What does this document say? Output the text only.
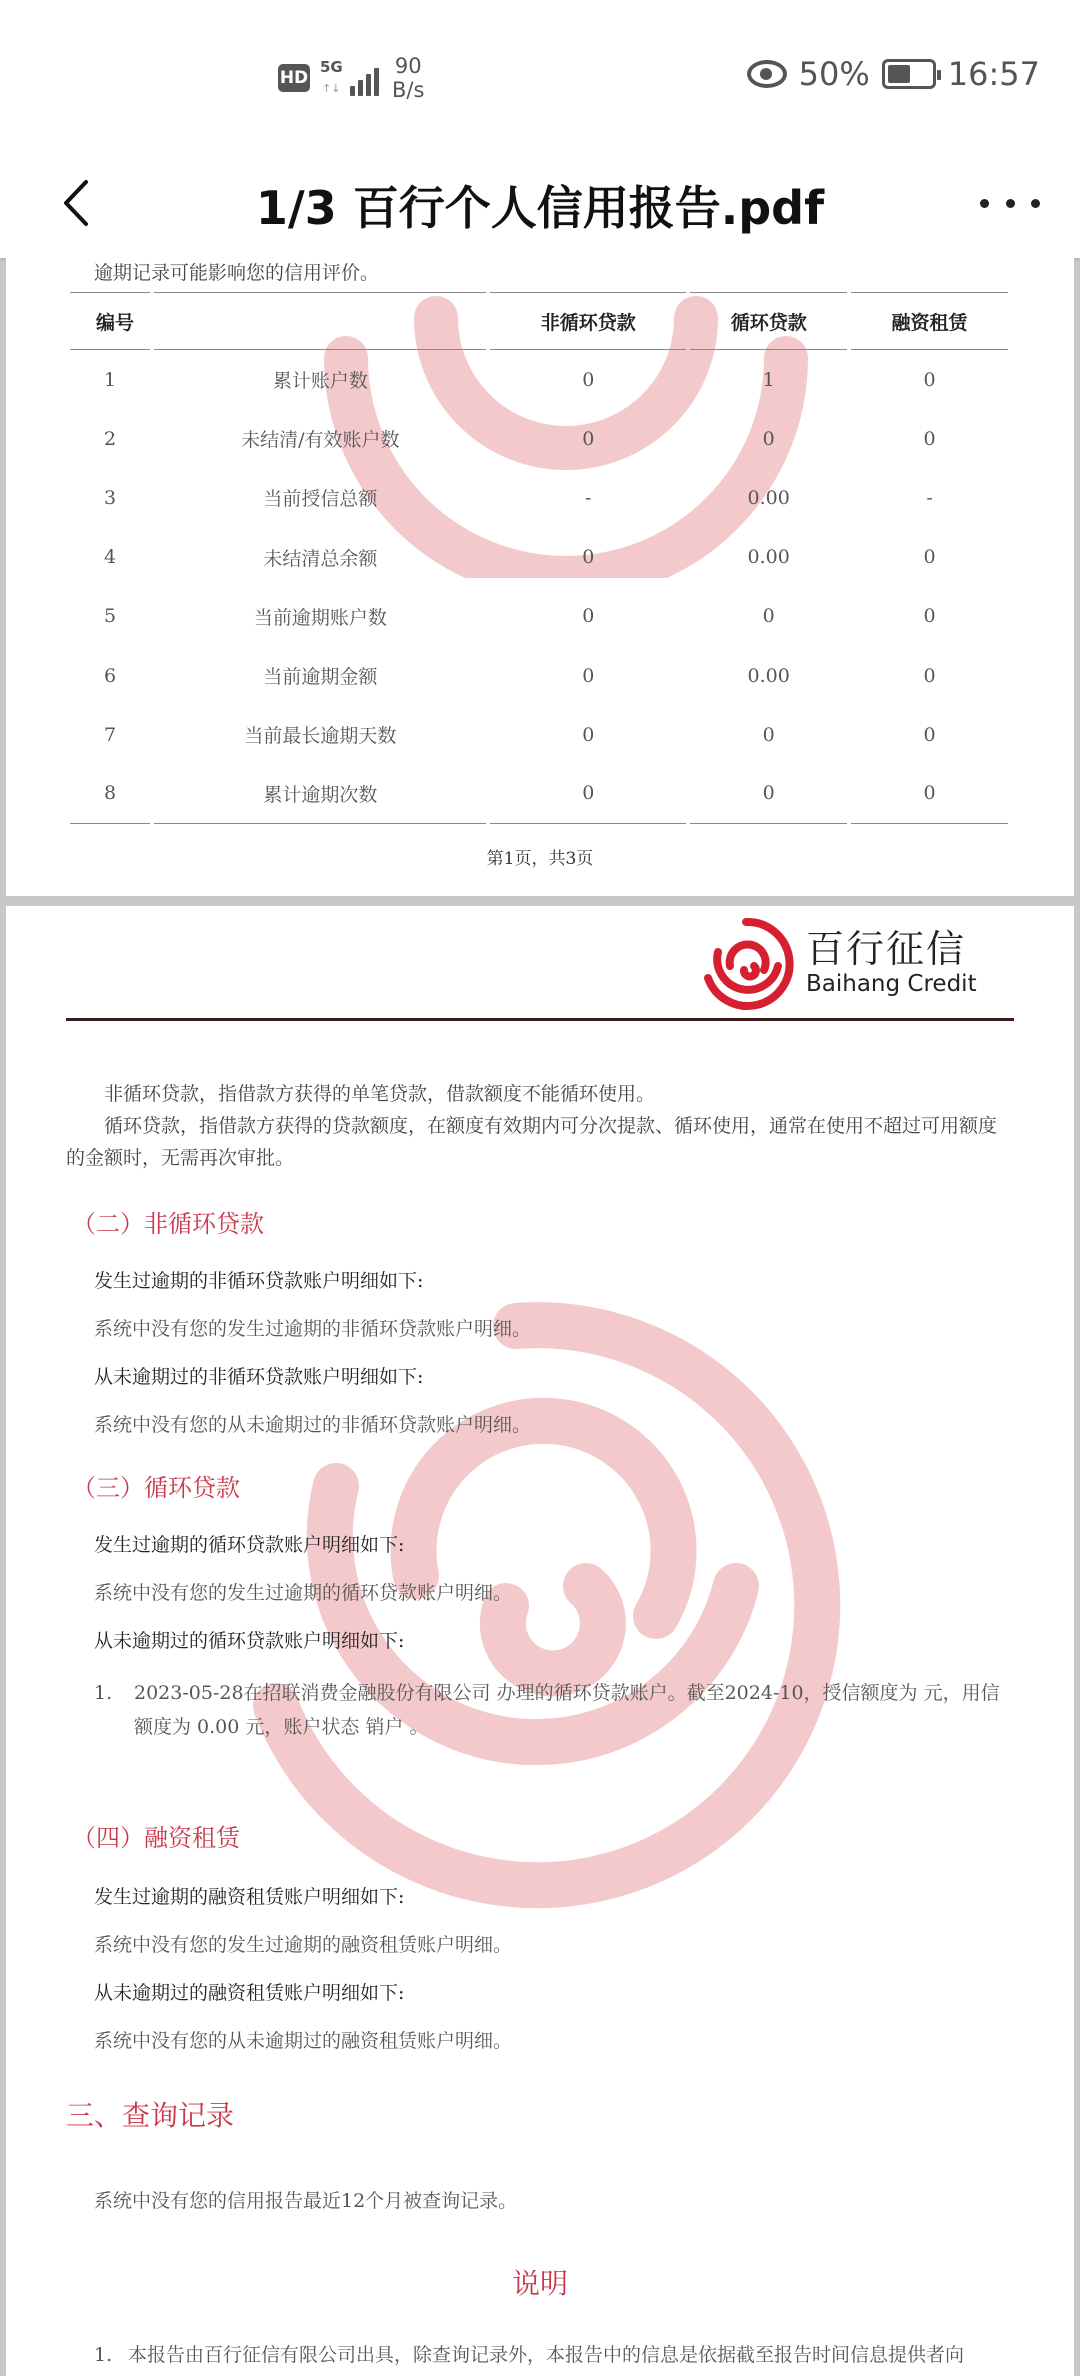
HD
5G
↑↓
90
B/s	50% 16:57
1/3 百行个人信用报告.pdf
逾期记录可能影响您的信用评价。
编号		非循环贷款	循环贷款	融资租赁
1	累计账户数	0	1	0
2	未结清/有效账户数	0	0	0
3	当前授信总额	-	0.00	-
4	未结清总余额	0	0.00	0
5	当前逾期账户数	0	0	0
6	当前逾期金额	0	0.00	0
7	当前最长逾期天数	0	0	0
8	累计逾期次数	0	0	0
第1页，共3页
百行征信
Baihang Credit
非循环贷款，指借款方获得的单笔贷款，借款额度不能循环使用。
循环贷款，指借款方获得的贷款额度，在额度有效期内可分次提款、循环使用，通常在使用不超过可用额度的金额时，无需再次审批。
（二）非循环贷款
发生过逾期的非循环贷款账户明细如下:
系统中没有您的发生过逾期的非循环贷款账户明细。
从未逾期过的非循环贷款账户明细如下:
系统中没有您的从未逾期过的非循环贷款账户明细。
（三）循环贷款
发生过逾期的循环贷款账户明细如下:
系统中没有您的发生过逾期的循环贷款账户明细。
从未逾期过的循环贷款账户明细如下:
1. 2023-05-28在招联消费金融股份有限公司 办理的循环贷款账户。截至2024-10，授信额度为 元，用信额度为 0.00 元，账户状态 销户 。
（四）融资租赁
发生过逾期的融资租赁账户明细如下:
系统中没有您的发生过逾期的融资租赁账户明细。
从未逾期过的融资租赁账户明细如下:
系统中没有您的从未逾期过的融资租赁账户明细。
三、查询记录
系统中没有您的信用报告最近12个月被查询记录。
说明
1. 本报告由百行征信有限公司出具，除查询记录外，本报告中的信息是依据截至报告时间信息提供者向
